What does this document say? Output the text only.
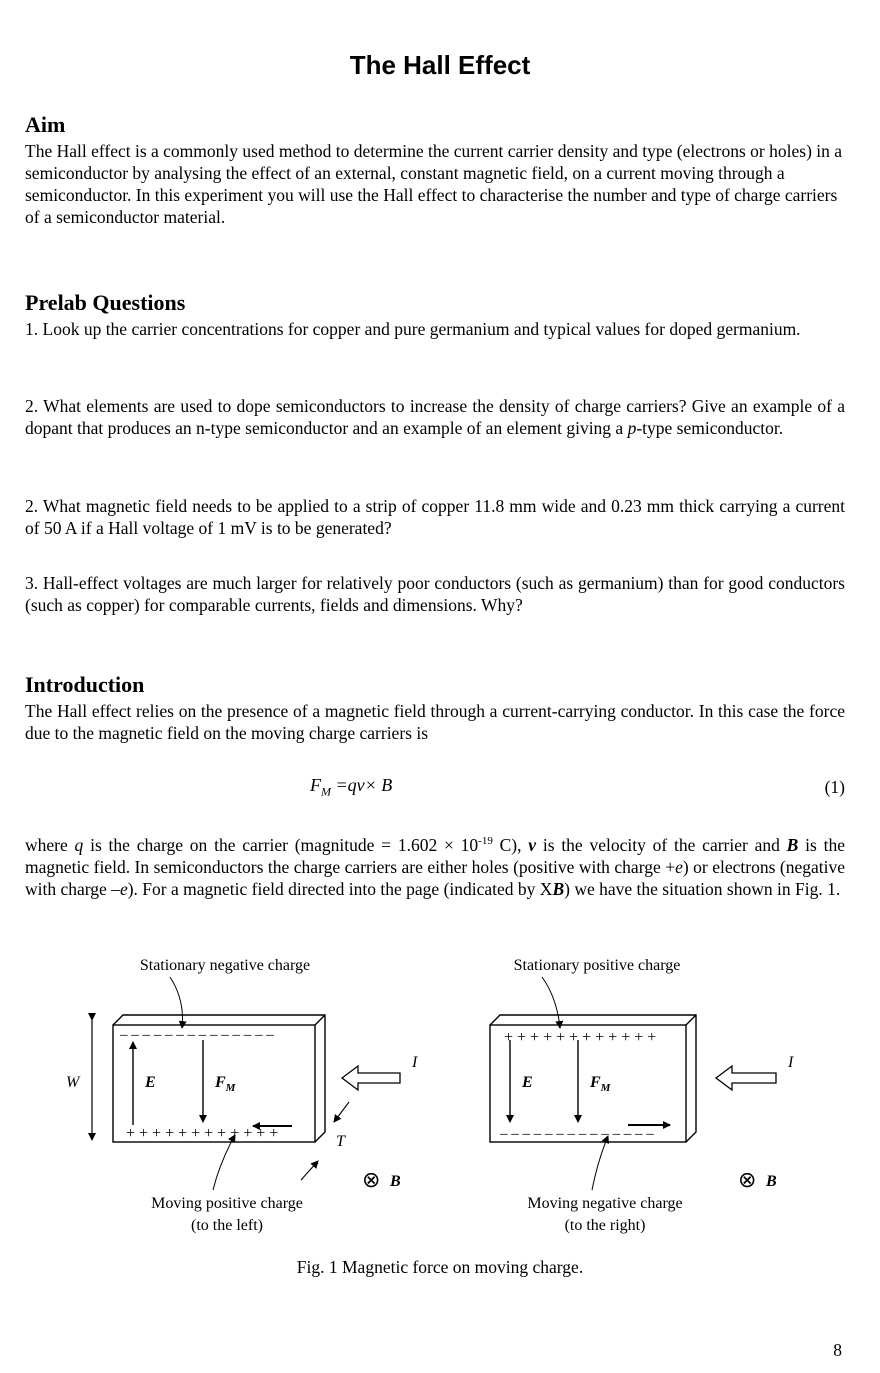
The Hall Effect
Aim

The Hall effect is a commonly used method to determine the current carrier density and type (electrons or holes) in a semiconductor by analysing the effect of an external, constant magnetic field, on a current moving through a semiconductor. In this experiment you will use the Hall effect to characterise the number and type of charge carriers of a semiconductor material.

Prelab Questions

1. Look up the carrier concentrations for copper and pure germanium and typical values for doped germanium.

2. What elements are used to dope semiconductors to increase the density of charge carriers? Give an example of a dopant that produces an n-type semiconductor and an example of an element giving a p-type semiconductor.

2. What magnetic field needs to be applied to a strip of copper 11.8 mm wide and 0.23 mm thick carrying a current of 50 A if a Hall voltage of 1 mV is to be generated?

3. Hall-effect voltages are much larger for relatively poor conductors (such as germanium) than for good conductors (such as copper) for comparable currents, fields and dimensions. Why?

Introduction

The Hall effect relies on the presence of a magnetic field through a current-carrying conductor. In this case the force due to the magnetic field on the moving charge carriers is

$F_M =qv\times B$	(1)

where q is the charge on the carrier (magnitude = $1.602 \times 10^{-19}$ C), v is the velocity of the carrier and B is the magnetic field. In semiconductors the charge carriers are either holes (positive with charge +e) or electrons (negative with charge –e). For a magnetic field directed into the page (indicated by XB) we have the situation shown in Fig. 1.

Stationary negative charge
– – – – – – – – – – – – – –
+ + + + + + + + + + + +
W	E	$F_M$
I
T
⊗ B
Moving positive charge
(to the left)
Stationary positive charge
+ + + + + + + + + + + +
– – – – – – – – – – – – – –
E	$F_M$
I
⊗ B
Moving negative charge
(to the right)
Fig. 1 Magnetic force on moving charge.
8
